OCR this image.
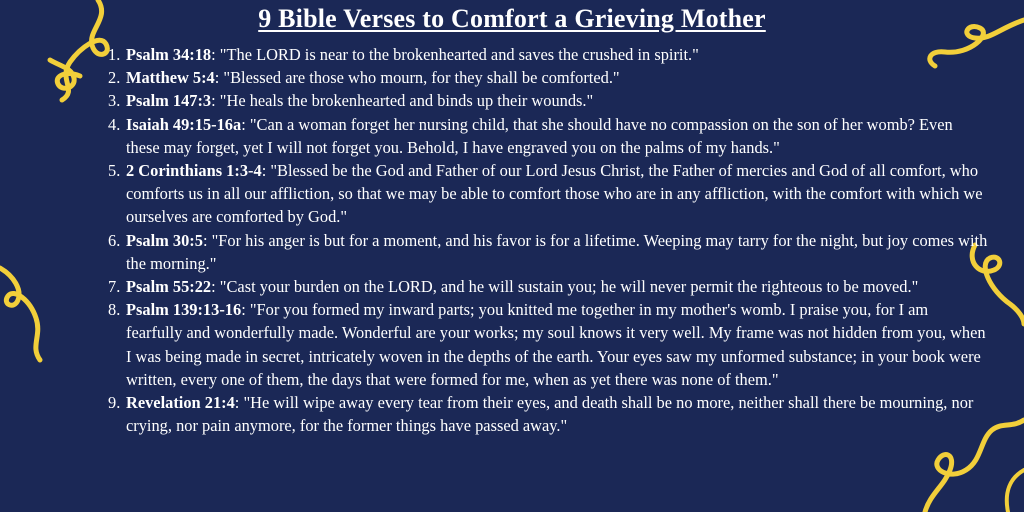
9 Bible Verses to Comfort a Grieving Mother
1. Psalm 34:18: "The LORD is near to the brokenhearted and saves the crushed in spirit."
2. Matthew 5:4: "Blessed are those who mourn, for they shall be comforted."
3. Psalm 147:3: "He heals the brokenhearted and binds up their wounds."
4. Isaiah 49:15-16a: "Can a woman forget her nursing child, that she should have no compassion on the son of her womb? Even these may forget, yet I will not forget you. Behold, I have engraved you on the palms of my hands."
5. 2 Corinthians 1:3-4: "Blessed be the God and Father of our Lord Jesus Christ, the Father of mercies and God of all comfort, who comforts us in all our affliction, so that we may be able to comfort those who are in any affliction, with the comfort with which we ourselves are comforted by God."
6. Psalm 30:5: "For his anger is but for a moment, and his favor is for a lifetime. Weeping may tarry for the night, but joy comes with the morning."
7. Psalm 55:22: "Cast your burden on the LORD, and he will sustain you; he will never permit the righteous to be moved."
8. Psalm 139:13-16: "For you formed my inward parts; you knitted me together in my mother's womb. I praise you, for I am fearfully and wonderfully made. Wonderful are your works; my soul knows it very well. My frame was not hidden from you, when I was being made in secret, intricately woven in the depths of the earth. Your eyes saw my unformed substance; in your book were written, every one of them, the days that were formed for me, when as yet there was none of them."
9. Revelation 21:4: "He will wipe away every tear from their eyes, and death shall be no more, neither shall there be mourning, nor crying, nor pain anymore, for the former things have passed away."
